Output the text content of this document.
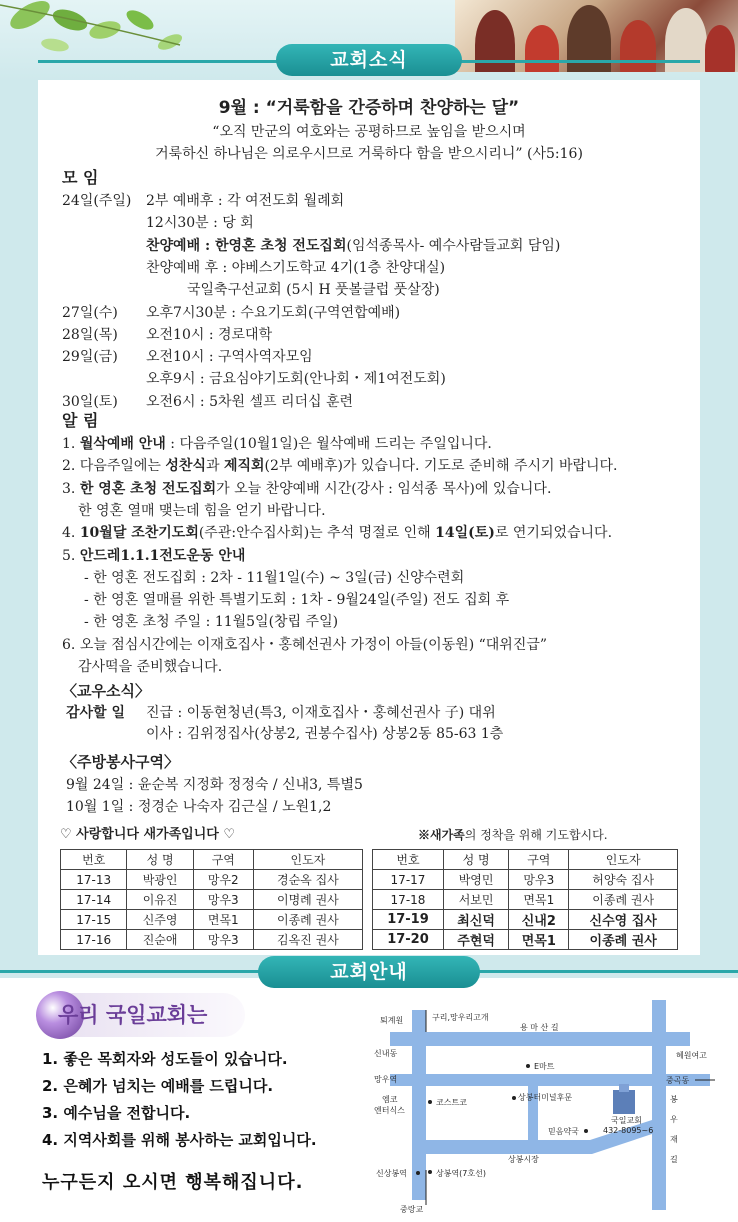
교회소식
9월 : “거룩함을 간증하며 찬양하는 달”
“오직 만군의 여호와는 공평하므로 높임을 받으시며
거룩하신 하나님은 의로우시므로 거룩하다 함을 받으시리니” (사5:16)
모 임
24일(주일) 2부 예배후 : 각 여전도회 월례회
12시30분 : 당 회
찬양예배 : 한영혼 초청 전도집회(임석종목사- 예수사람들교회 담임)
찬양예배 후 : 야베스기도학교 4기(1층 찬양대실)
국일축구선교회 (5시 H 풋볼클럽 풋살장)
27일(수) 오후7시30분 : 수요기도회(구역연합예배)
28일(목) 오전10시 : 경로대학
29일(금) 오전10시 : 구역사역자모임
오후9시 : 금요심야기도회(안나회・제1여전도회)
30일(토) 오전6시 : 5차원 셀프 리더십 훈련
알 림
1. 월삭예배 안내 : 다음주일(10월1일)은 월삭예배 드리는 주일입니다.
2. 다음주일에는 성찬식과 제직회(2부 예배후)가 있습니다. 기도로 준비해 주시기 바랍니다.
3. 한 영혼 초청 전도집회가 오늘 찬양예배 시간(강사 : 임석종 목사)에 있습니다.
한 영혼 열매 맺는데 힘을 얻기 바랍니다.
4. 10월달 조찬기도회(주관:안수집사회)는 추석 명절로 인해 14일(토)로 연기되었습니다.
5. 안드레1.1.1전도운동 안내
- 한 영혼 전도집회 : 2차 - 11월1일(수) ~ 3일(금) 신양수련회
- 한 영혼 열매를 위한 특별기도회 : 1차 - 9월24일(주일) 전도 집회 후
- 한 영혼 초청 주일 : 11월5일(창립 주일)
6. 오늘 점심시간에는 이재호집사・홍혜선권사 가정이 아들(이동원) “대위진급”
감사떡을 준비했습니다.
〈교우소식〉
감사할 일 진급 : 이동현청년(특3, 이재호집사・홍혜선권사 子) 대위
이사 : 김위정집사(상봉2, 권봉수집사) 상봉2동 85-63 1층
〈주방봉사구역〉
9월 24일 : 윤순복 지정화 정정숙 / 신내3, 특별5
10월 1일 : 정경순 나숙자 김근실 / 노원1,2
♡ 사랑합니다 새가족입니다 ♡	※새가족의 정착을 위해 기도합시다.
번호	성 명	구역	인도자
17-13	박광인	망우2	경순옥 집사
17-14	이유진	망우3	이명례 권사
17-15	신주영	면목1	이종례 권사
17-16	진순애	망우3	김옥진 권사
번호	성 명	구역	인도자
17-17	박영민	망우3	허양숙 집사
17-18	서보민	면목1	이종례 권사
17-19	최신덕	신내2	신수영 집사
17-20	주현덕	면목1	이종례 권사
교회안내
우리 국일교회는
1. 좋은 목회자와 성도들이 있습니다.
2. 은혜가 넘치는 예배를 드립니다.
3. 예수님을 전합니다.
4. 지역사회를 위해 봉사하는 교회입니다.
누구든지 오시면 행복해집니다.
퇴계원	구리,망우리고개
용 마 산 길
신내동
E마트
혜원여고
망우역	중곡동
엠코
엔터식스
코스트코
상봉터미널후문
국일교회
432-8095~6
봉
우
재
길
믿음약국
상봉시장
신상봉역	상봉역(7호선)
중랑교
